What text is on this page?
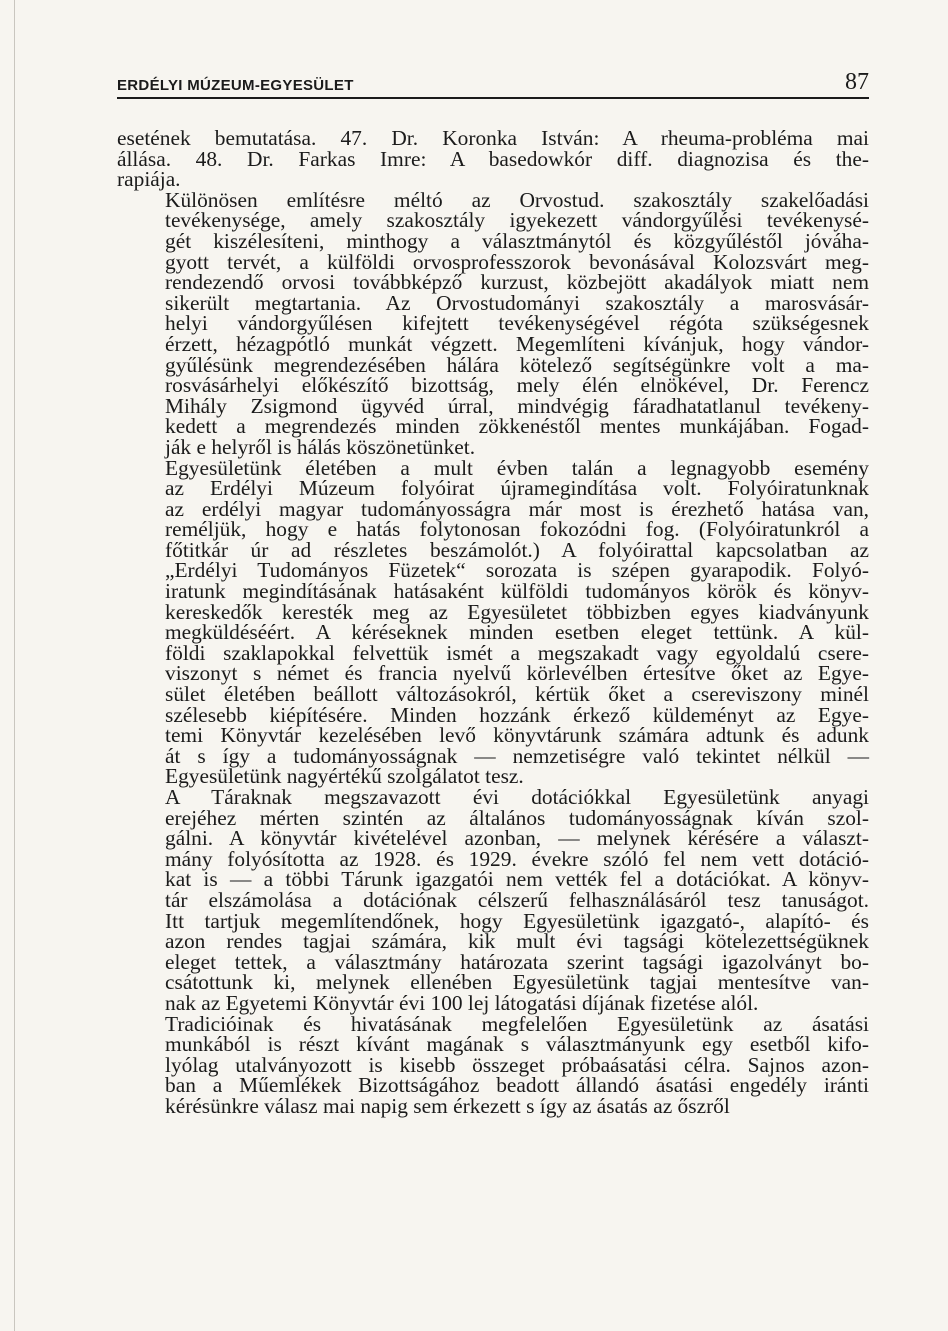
ERDÉLYI MÚZEUM-EGYESÜLET	87

esetének bemutatása. 47. Dr. Koronka István: A rheuma-probléma mai
állása. 48. Dr. Farkas Imre: A basedowkór diff. diagnozisa és the-
rapiája.

Különösen említésre méltó az Orvostud. szakosztály szakelőadási
tevékenysége, amely szakosztály igyekezett vándorgyűlési tevékenysé-
gét kiszélesíteni, minthogy a választmánytól és közgyűléstől jóváha-
gyott tervét, a külföldi orvosprofesszorok bevonásával Kolozsvárt meg-
rendezendő orvosi továbbképző kurzust, közbejött akadályok miatt nem
sikerült megtartania. Az Orvostudományi szakosztály a marosvásár-
helyi vándorgyűlésen kifejtett tevékenységével régóta szükségesnek
érzett, hézagpótló munkát végzett. Megemlíteni kívánjuk, hogy vándor-
gyűlésünk megrendezésében hálára kötelező segítségünkre volt a ma-
rosvásárhelyi előkészítő bizottság, mely élén elnökével, Dr. Ferencz
Mihály Zsigmond ügyvéd úrral, mindvégig fáradhatatlanul tevékeny-
kedett a megrendezés minden zökkenéstől mentes munkájában. Fogad-
ják e helyről is hálás köszönetünket.

Egyesületünk életében a mult évben talán a legnagyobb esemény
az Erdélyi Múzeum folyóirat újramegindítása volt. Folyóiratunknak
az erdélyi magyar tudományosságra már most is érezhető hatása van,
reméljük, hogy e hatás folytonosan fokozódni fog. (Folyóiratunkról a
főtitkár úr ad részletes beszámolót.) A folyóirattal kapcsolatban az
„Erdélyi Tudományos Füzetek“ sorozata is szépen gyarapodik. Folyó-
iratunk megindításának hatásaként külföldi tudományos körök és könyv-
kereskedők keresték meg az Egyesületet többizben egyes kiadványunk
megküldéséért. A kéréseknek minden esetben eleget tettünk. A kül-
földi szaklapokkal felvettük ismét a megszakadt vagy egyoldalú csere-
viszonyt s német és francia nyelvű körlevélben értesítve őket az Egye-
sület életében beállott változásokról, kértük őket a csereviszony minél
szélesebb kiépítésére. Minden hozzánk érkező küldeményt az Egye-
temi Könyvtár kezelésében levő könyvtárunk számára adtunk és adunk
át s így a tudományosságnak — nemzetiségre való tekintet nélkül —
Egyesületünk nagyértékű szolgálatot tesz.

A Táraknak megszavazott évi dotációkkal Egyesületünk anyagi
erejéhez mérten szintén az általános tudományosságnak kíván szol-
gálni. A könyvtár kivételével azonban, — melynek kérésére a választ-
mány folyósította az 1928. és 1929. évekre szóló fel nem vett dotáció-
kat is — a többi Tárunk igazgatói nem vették fel a dotációkat. A könyv-
tár elszámolása a dotációnak célszerű felhasználásáról tesz tanuságot.
Itt tartjuk megemlítendőnek, hogy Egyesületünk igazgató-, alapító- és
azon rendes tagjai számára, kik mult évi tagsági kötelezettségüknek
eleget tettek, a választmány határozata szerint tagsági igazolványt bo-
csátottunk ki, melynek ellenében Egyesületünk tagjai mentesítve van-
nak az Egyetemi Könyvtár évi 100 lej látogatási díjának fizetése alól.

Tradicióinak és hivatásának megfelelően Egyesületünk az ásatási
munkából is részt kívánt magának s választmányunk egy esetből kifo-
lyólag utalványozott is kisebb összeget próbaásatási célra. Sajnos azon-
ban a Műemlékek Bizottságához beadott állandó ásatási engedély iránti
kérésünkre válasz mai napig sem érkezett s így az ásatás az őszről
